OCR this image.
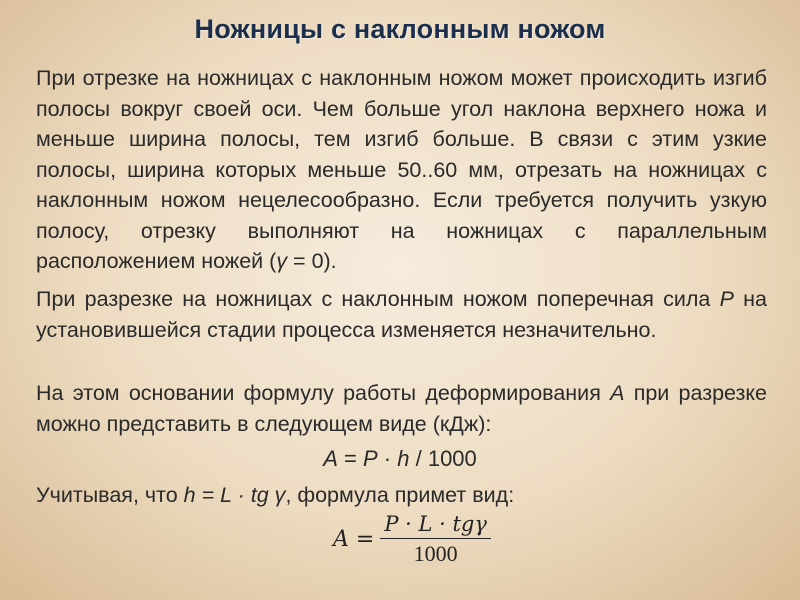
Ножницы с наклонным ножом

При отрезке на ножницах с наклонным ножом может происходить изгиб полосы вокруг своей оси. Чем больше угол наклона верхнего ножа и меньше ширина полосы, тем изгиб больше. В связи с этим узкие полосы, ширина которых меньше 50..60 мм, отрезать на ножницах с наклонным ножом нецелесообразно. Если требуется получить узкую полосу, отрезку выполняют на ножницах с параллельным расположением ножей (γ = 0).

При разрезке на ножницах с наклонным ножом поперечная сила P на установившейся стадии процесса изменяется незначительно.

На этом основании формулу работы деформирования A при разрезке можно представить в следующем виде (кДж):

A = P · h / 1000

Учитывая, что h = L · tg γ, формула примет вид:

$A = \frac{\text{P · L · tgγ}}{1000}$
